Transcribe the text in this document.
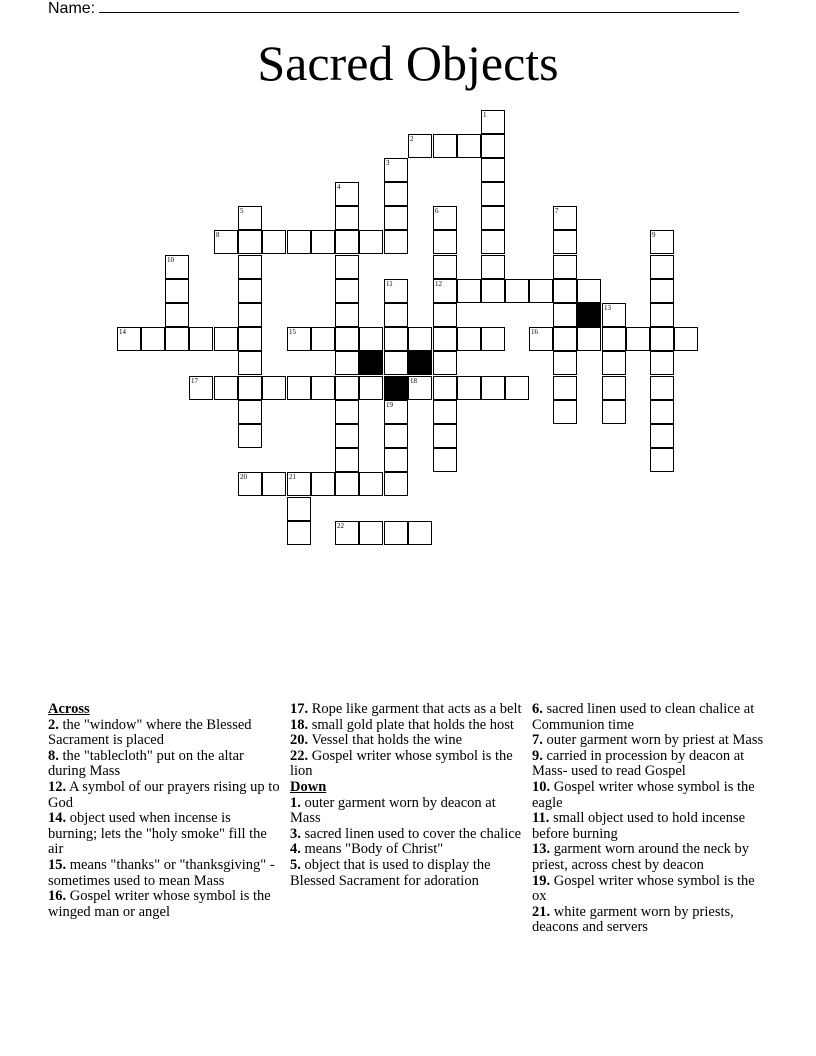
Name:
Sacred Objects
1
2
3
4
5	6	7
8	9
10
11	12
13
14	15	16
17	18
19
20	21
22
Across
2. the "window" where the Blessed Sacrament is placed
8. the "tablecloth" put on the altar during Mass
12. A symbol of our prayers rising up to God
14. object used when incense is burning; lets the "holy smoke" fill the air
15. means "thanks" or "thanksgiving" - sometimes used to mean Mass
16. Gospel writer whose symbol is the winged man or angel
17. Rope like garment that acts as a belt
18. small gold plate that holds the host
20. Vessel that holds the wine
22. Gospel writer whose symbol is the lion
Down
1. outer garment worn by deacon at Mass
3. sacred linen used to cover the chalice
4. means "Body of Christ"
5. object that is used to display the Blessed Sacrament for adoration
6. sacred linen used to clean chalice at Communion time
7. outer garment worn by priest at Mass
9. carried in procession by deacon at Mass- used to read Gospel
10. Gospel writer whose symbol is the eagle
11. small object used to hold incense before burning
13. garment worn around the neck by priest, across chest by deacon
19. Gospel writer whose symbol is the ox
21. white garment worn by priests, deacons and servers
